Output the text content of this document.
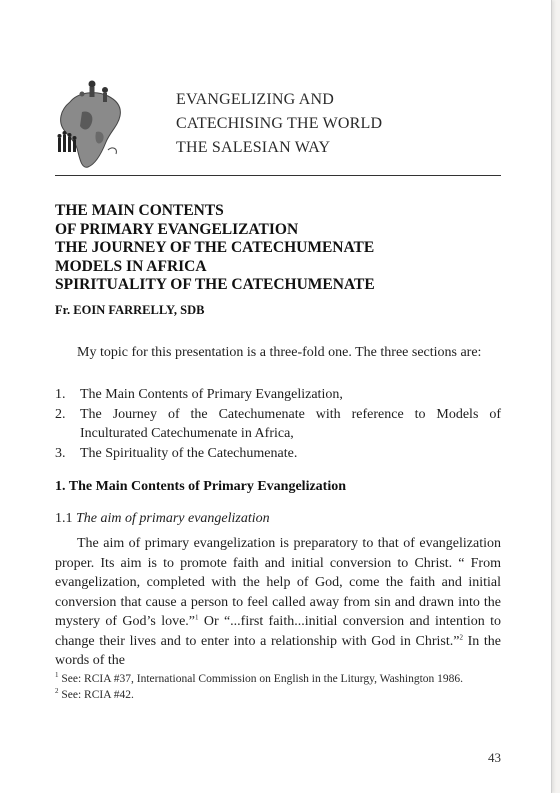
EVANGELIZING AND
CATECHISING THE WORLD
THE SALESIAN WAY
THE MAIN CONTENTS
OF PRIMARY EVANGELIZATION
THE JOURNEY OF THE CATECHUMENATE
MODELS IN AFRICA
SPIRITUALITY OF THE CATECHUMENATE
Fr. EOIN FARRELLY, SDB

My topic for this presentation is a three-fold one. The three sections are:

1. The Main Contents of Primary Evangelization,
2. The Journey of the Catechumenate with reference to Models of Inculturated Catechumenate in Africa,
3. The Spirituality of the Catechumenate.
1. The Main Contents of Primary Evangelization
1.1 The aim of primary evangelization

The aim of primary evangelization is preparatory to that of evangelization proper. Its aim is to promote faith and initial conversion to Christ. “ From evangelization, completed with the help of God, come the faith and initial conversion that cause a person to feel called away from sin and drawn into the mystery of God’s love.”$^1$ Or “...first faith...initial conversion and intention to change their lives and to enter into a relationship with God in Christ.”$^2$ In the words of the

$^1$ See: RCIA #37, International Commission on English in the Liturgy, Washington 1986.
$^2$ See: RCIA #42.
43
